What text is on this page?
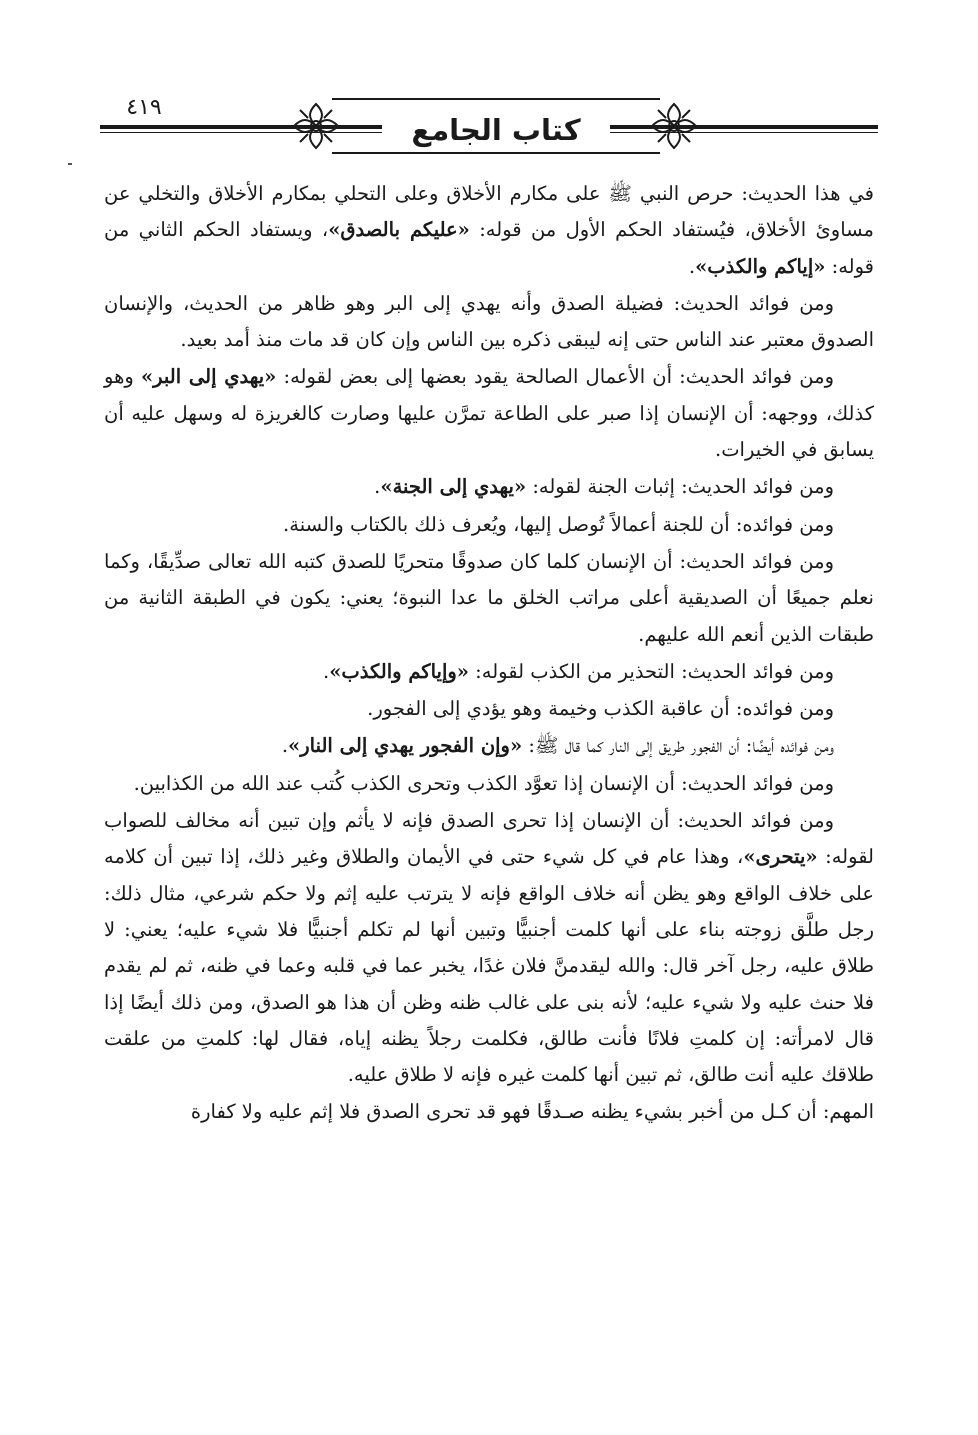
كتاب الجامع
٤١٩

في هذا الحديث: حرص النبي ﷺ على مكارم الأخلاق وعلى التحلي بمكارم الأخلاق والتخلي عن مساوئ الأخلاق، فيُستفاد الحكم الأول من قوله: «عليكم بالصدق»، ويستفاد الحكم الثاني من قوله: «إياكم والكذب».

ومن فوائد الحديث: فضيلة الصدق وأنه يهدي إلى البر وهو ظاهر من الحديث، والإنسان الصدوق معتبر عند الناس حتى إنه ليبقى ذكره بين الناس وإن كان قد مات منذ أمد بعيد.

ومن فوائد الحديث: أن الأعمال الصالحة يقود بعضها إلى بعض لقوله: «يهدي إلى البر» وهو كذلك، ووجهه: أن الإنسان إذا صبر على الطاعة تمرَّن عليها وصارت كالغريزة له وسهل عليه أن يسابق في الخيرات.

ومن فوائد الحديث: إثبات الجنة لقوله: «يهدي إلى الجنة».

ومن فوائده: أن للجنة أعمالاً تُوصل إليها، ويُعرف ذلك بالكتاب والسنة.

ومن فوائد الحديث: أن الإنسان كلما كان صدوقًا متحريًا للصدق كتبه الله تعالى صدِّيقًا، وكما نعلم جميعًا أن الصديقية أعلى مراتب الخلق ما عدا النبوة؛ يعني: يكون في الطبقة الثانية من طبقات الذين أنعم الله عليهم.

ومن فوائد الحديث: التحذير من الكذب لقوله: «وإياكم والكذب».

ومن فوائده: أن عاقبة الكذب وخيمة وهو يؤدي إلى الفجور.

ومن فوائده أيضًا: أن الفجور طريق إلى النار كما قال ﷺ: «وإن الفجور يهدي إلى النار».

ومن فوائد الحديث: أن الإنسان إذا تعوَّد الكذب وتحرى الكذب كُتب عند الله من الكذابين.

ومن فوائد الحديث: أن الإنسان إذا تحرى الصدق فإنه لا يأثم وإن تبين أنه مخالف للصواب لقوله: «يتحرى»، وهذا عام في كل شيء حتى في الأيمان والطلاق وغير ذلك، إذا تبين أن كلامه على خلاف الواقع وهو يظن أنه خلاف الواقع فإنه لا يترتب عليه إثم ولا حكم شرعي، مثال ذلك: رجل طلَّق زوجته بناء على أنها كلمت أجنبيًّا وتبين أنها لم تكلم أجنبيًّا فلا شيء عليه؛ يعني: لا طلاق عليه، رجل آخر قال: والله ليقدمنَّ فلان غدًا، يخبر عما في قلبه وعما في ظنه، ثم لم يقدم فلا حنث عليه ولا شيء عليه؛ لأنه بنى على غالب ظنه وظن أن هذا هو الصدق، ومن ذلك أيضًا إذا قال لامرأته: إن كلمتِ فلانًا فأنت طالق، فكلمت رجلاً يظنه إياه، فقال لها: كلمتِ من علقت طلاقك عليه أنت طالق، ثم تبين أنها كلمت غيره فإنه لا طلاق عليه.

المهم: أن كـل من أخبر بشيء يظنه صـدقًا فهو قد تحرى الصدق فلا إثم عليه ولا كفارة
